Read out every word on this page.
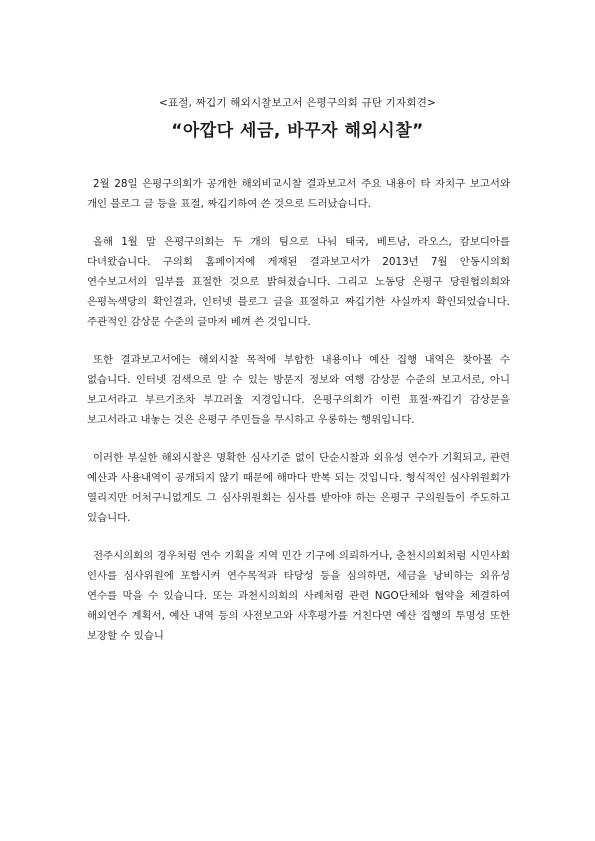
<표절, 짜깁기 해외시찰보고서 은평구의회 규탄 기자회견>
“아깝다 세금, 바꾸자 해외시찰”

2월 28일 은평구의회가 공개한 해외비교시찰 결과보고서 주요 내용이 타 자치구 보고서와 개인 블로그 글 등을 표절, 짜깁기하여 쓴 것으로 드러났습니다.

올해 1월 말 은평구의회는 두 개의 팀으로 나눠 태국, 베트남, 라오스, 캄보디아를 다녀왔습니다. 구의회 홈페이지에 게재된 결과보고서가 2013년 7월 안동시의회 연수보고서의 일부를 표절한 것으로 밝혀졌습니다. 그리고 노동당 은평구 당원협의회와 은평녹색당의 확인결과, 인터넷 블로그 글을 표절하고 짜깁기한 사실까지 확인되었습니다. 주관적인 감상문 수준의 글마저 베껴 쓴 것입니다.

또한 결과보고서에는 해외시찰 목적에 부합한 내용이나 예산 집행 내역은 찾아볼 수 없습니다. 인터넷 검색으로 알 수 있는 방문지 정보와 여행 감상문 수준의 보고서로, 아니 보고서라고 부르기조차 부끄러울 지경입니다. 은평구의회가 이런 표절·짜깁기 감상문을 보고서라고 내놓는 것은 은평구 주민들을 무시하고 우롱하는 행위입니다.

이러한 부실한 해외시찰은 명확한 심사기준 없이 단순시찰과 외유성 연수가 기획되고, 관련 예산과 사용내역이 공개되지 않기 때문에 해마다 반복 되는 것입니다. 형식적인 심사위원회가 열리지만 어처구니없게도 그 심사위원회는 심사를 받아야 하는 은평구 구의원들이 주도하고 있습니다.

전주시의회의 경우처럼 연수 기획을 지역 민간 기구에 의뢰하거나, 춘천시의회처럼 시민사회 인사를 심사위원에 포함시켜 연수목적과 타당성 등을 심의하면, 세금을 낭비하는 외유성 연수를 막을 수 있습니다. 또는 과천시의회의 사례처럼 관련 NGO단체와 협약을 체결하여 해외연수 계획서, 예산 내역 등의 사전보고와 사후평가를 거친다면 예산 집행의 투명성 또한 보장할 수 있습니
